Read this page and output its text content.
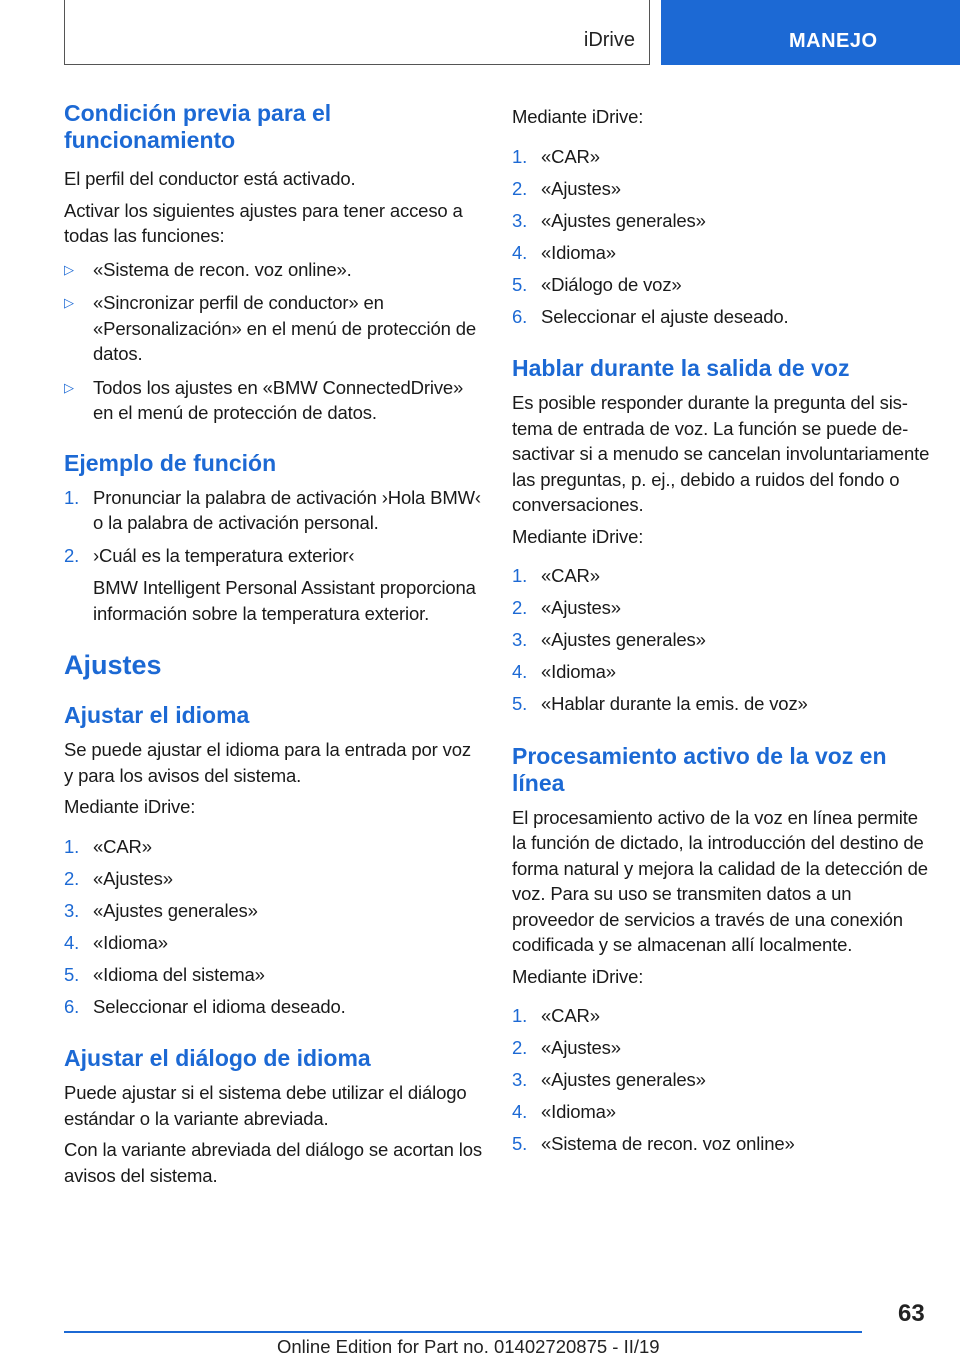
iDrive	MANEJO
Condición previa para el funcionamiento

El perfil del conductor está activado.

Activar los siguientes ajustes para tener acceso a todas las funciones:

▷ «Sistema de recon. voz online».
▷ «Sincronizar perfil de conductor» en «Personalización» en el menú de protección de datos.
▷ Todos los ajustes en «BMW ConnectedDrive» en el menú de protección de datos.
Ejemplo de función
1. Pronunciar la palabra de activación ›Hola BMW‹ o la palabra de activación personal.
2. ›Cuál es la temperatura exterior‹

BMW Intelligent Personal Assistant proporciona información sobre la temperatura exterior.

Ajustes
Ajustar el idioma

Se puede ajustar el idioma para la entrada por voz y para los avisos del sistema.

Mediante iDrive:

1. «CAR»
2. «Ajustes»
3. «Ajustes generales»
4. «Idioma»
5. «Idioma del sistema»
6. Seleccionar el idioma deseado.
Ajustar el diálogo de idioma

Puede ajustar si el sistema debe utilizar el diálogo estándar o la variante abreviada.

Con la variante abreviada del diálogo se acortan los avisos del sistema.

Mediante iDrive:

1. «CAR»
2. «Ajustes»
3. «Ajustes generales»
4. «Idioma»
5. «Diálogo de voz»
6. Seleccionar el ajuste deseado.
Hablar durante la salida de voz

Es posible responder durante la pregunta del sistema de entrada de voz. La función se puede desactivar si a menudo se cancelan involuntariamente las preguntas, p. ej., debido a ruidos del fondo o conversaciones.

Mediante iDrive:

1. «CAR»
2. «Ajustes»
3. «Ajustes generales»
4. «Idioma»
5. «Hablar durante la emis. de voz»
Procesamiento activo de la voz en línea

El procesamiento activo de la voz en línea permite la función de dictado, la introducción del destino de forma natural y mejora la calidad de la detección de voz. Para su uso se transmiten datos a un proveedor de servicios a través de una conexión codificada y se almacenan allí localmente.

Mediante iDrive:

1. «CAR»
2. «Ajustes»
3. «Ajustes generales»
4. «Idioma»
5. «Sistema de recon. voz online»
63
Online Edition for Part no. 01402720875 - II/19
